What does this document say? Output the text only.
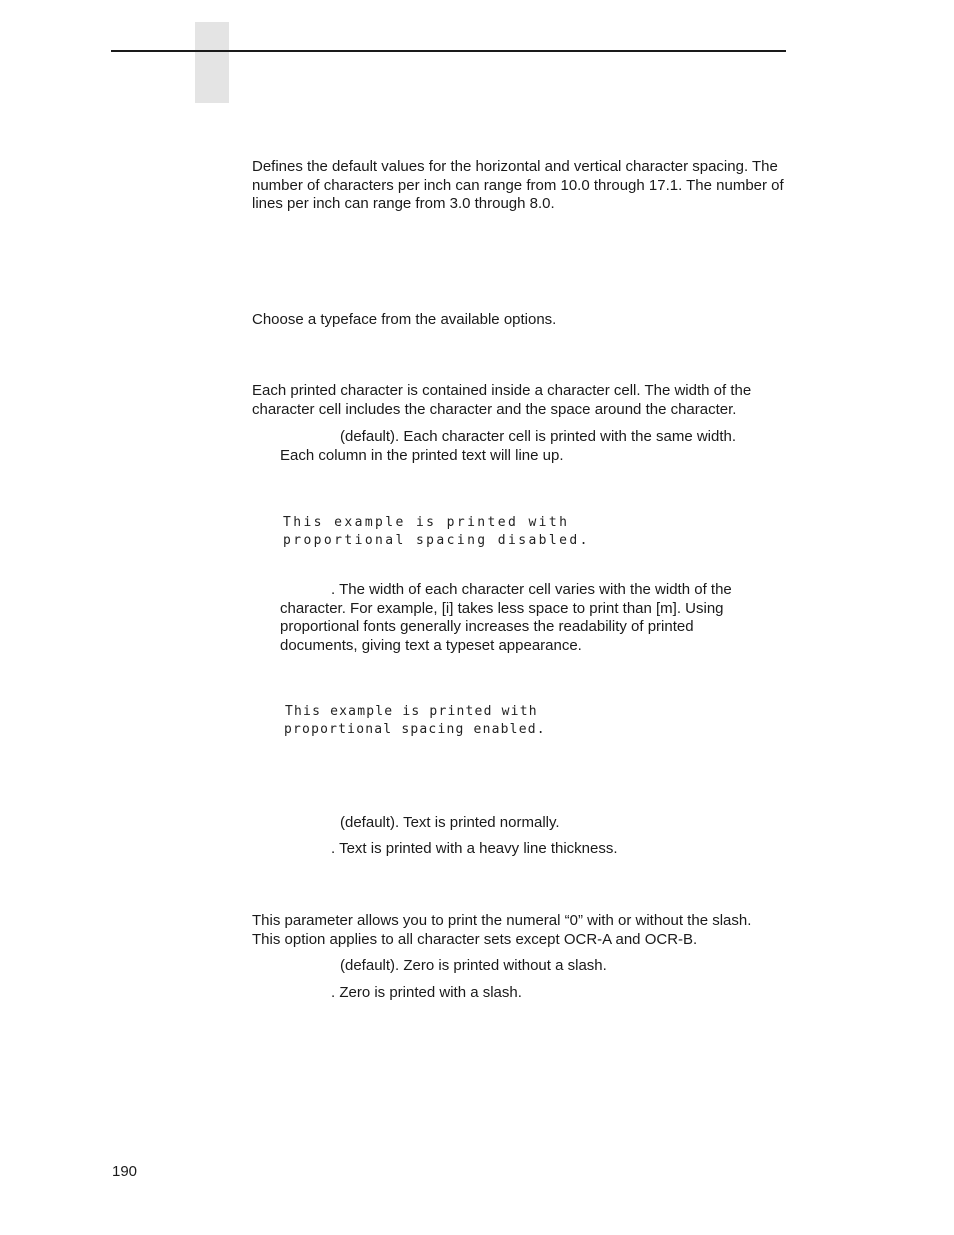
Defines the default values for the horizontal and vertical character spacing. The number of characters per inch can range from 10.0 through 17.1. The number of lines per inch can range from 3.0 through 8.0.

Choose a typeface from the available options.

Each printed character is contained inside a character cell. The width of the character cell includes the character and the space around the character.

(default). Each character cell is printed with the same width. Each column in the printed text will line up.

This example is printed with

proportional spacing disabled.

. The width of each character cell varies with the width of the character. For example, [i] takes less space to print than [m]. Using proportional fonts generally increases the readability of printed documents, giving text a typeset appearance.

This example is printed with

proportional spacing enabled.

(default). Text is printed normally.

. Text is printed with a heavy line thickness.

This parameter allows you to print the numeral “0” with or without the slash. This option applies to all character sets except OCR-A and OCR-B.

(default). Zero is printed without a slash.

. Zero is printed with a slash.

190
